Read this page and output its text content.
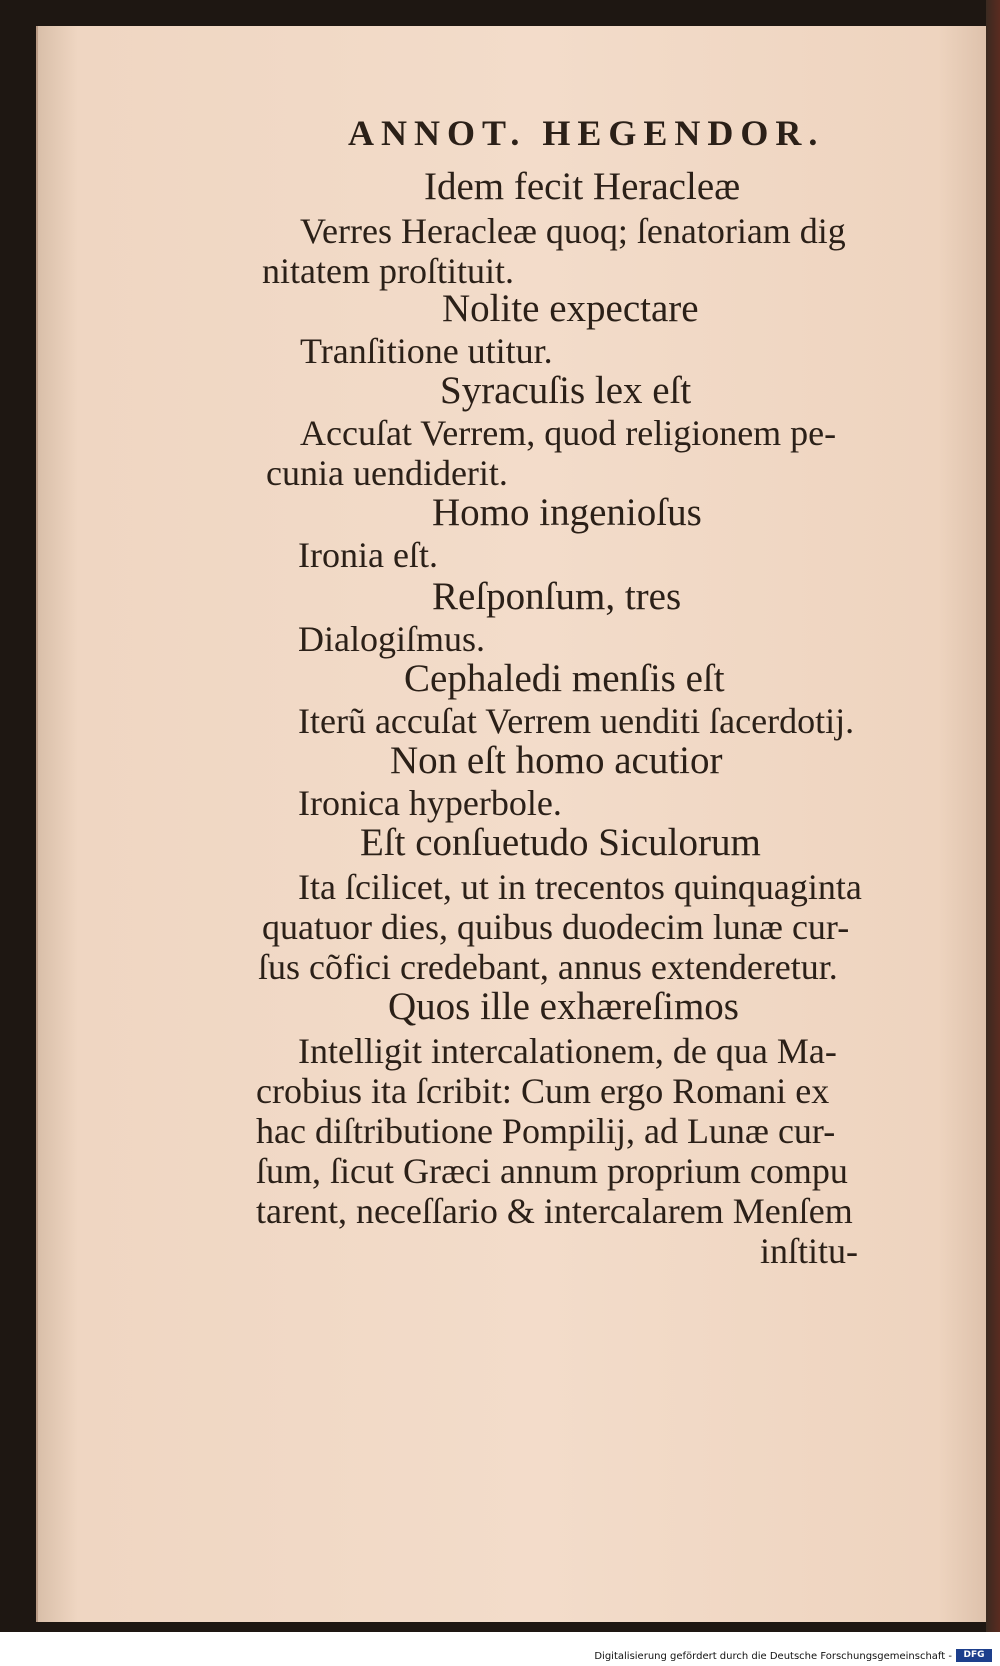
ANNOT. HEGENDOR.
Idem fecit Heracleæ
Verres Heracleæ quoq; ſenatoriam dig
nitatem proſtituit.
Nolite expectare
Tranſitione utitur.
Syracuſis lex eſt
Accuſat Verrem, quod religionem pe-
cunia uendiderit.
Homo ingenioſus
Ironia eſt.
Reſponſum, tres
Dialogiſmus.
Cephaledi menſis eſt
Iterũ accuſat Verrem uenditi ſacerdotij.
Non eſt homo acutior
Ironica hyperbole.
Eſt conſuetudo Siculorum
Ita ſcilicet, ut in trecentos quinquaginta
quatuor dies, quibus duodecim lunæ cur-
ſus cõfici credebant, annus extenderetur.
Quos ille exhæreſimos
Intelligit intercalationem, de qua Ma-
crobius ita ſcribit: Cum ergo Romani ex
hac diſtributione Pompilij, ad Lunæ cur-
ſum, ſicut Græci annum proprium compu
tarent, neceſſario & intercalarem Menſem
inſtitu-
Digitalisierung gefördert durch die Deutsche Forschungsgemeinschaft -	DFG
